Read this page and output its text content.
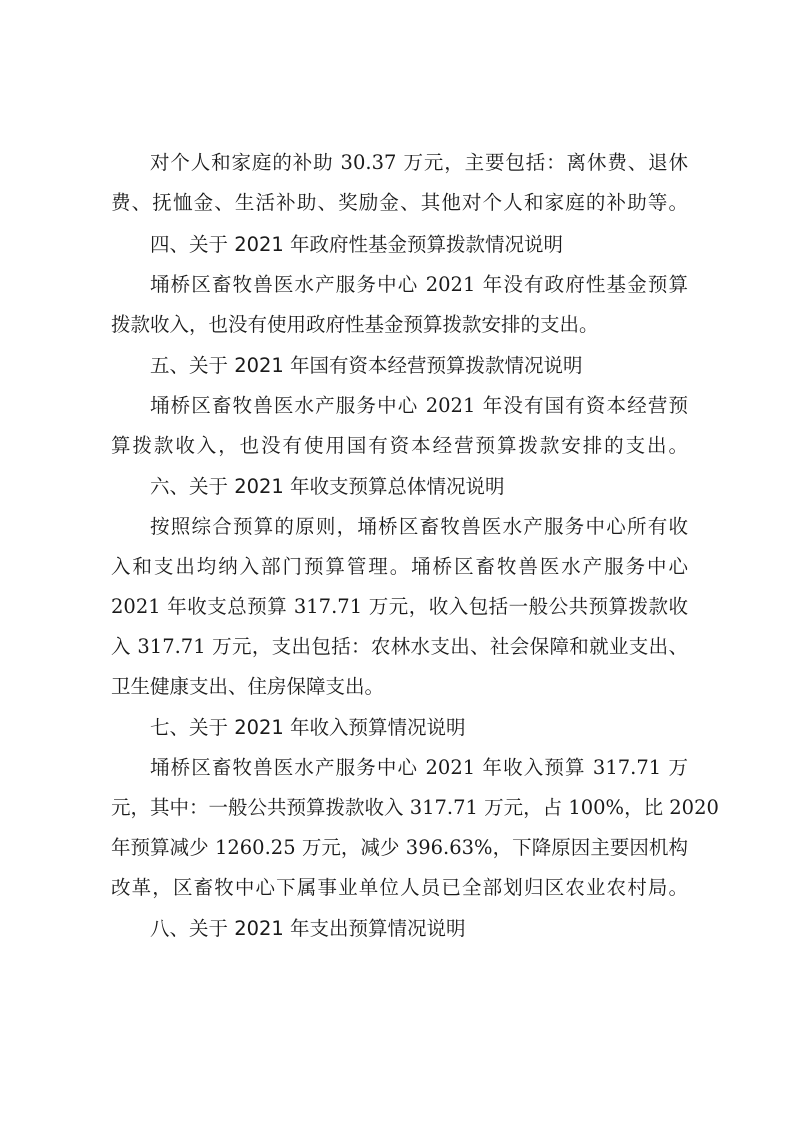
对个人和家庭的补助 30.37 万元，主要包括：离休费、退休
费、抚恤金、生活补助、奖励金、其他对个人和家庭的补助等。
四、关于 2021 年政府性基金预算拨款情况说明
埇桥区畜牧兽医水产服务中心 2021 年没有政府性基金预算
拨款收入，也没有使用政府性基金预算拨款安排的支出。
五、关于 2021 年国有资本经营预算拨款情况说明
埇桥区畜牧兽医水产服务中心 2021 年没有国有资本经营预
算拨款收入，也没有使用国有资本经营预算拨款安排的支出。
六、关于 2021 年收支预算总体情况说明
按照综合预算的原则，埇桥区畜牧兽医水产服务中心所有收
入和支出均纳入部门预算管理。埇桥区畜牧兽医水产服务中心
2021 年收支总预算 317.71 万元，收入包括一般公共预算拨款收
入 317.71 万元，支出包括：农林水支出、社会保障和就业支出、
卫生健康支出、住房保障支出。
七、关于 2021 年收入预算情况说明
埇桥区畜牧兽医水产服务中心 2021 年收入预算 317.71 万
元，其中：一般公共预算拨款收入 317.71 万元，占 100%，比 2020
年预算减少 1260.25 万元，减少 396.63%，下降原因主要因机构
改革，区畜牧中心下属事业单位人员已全部划归区农业农村局。
八、关于 2021 年支出预算情况说明
